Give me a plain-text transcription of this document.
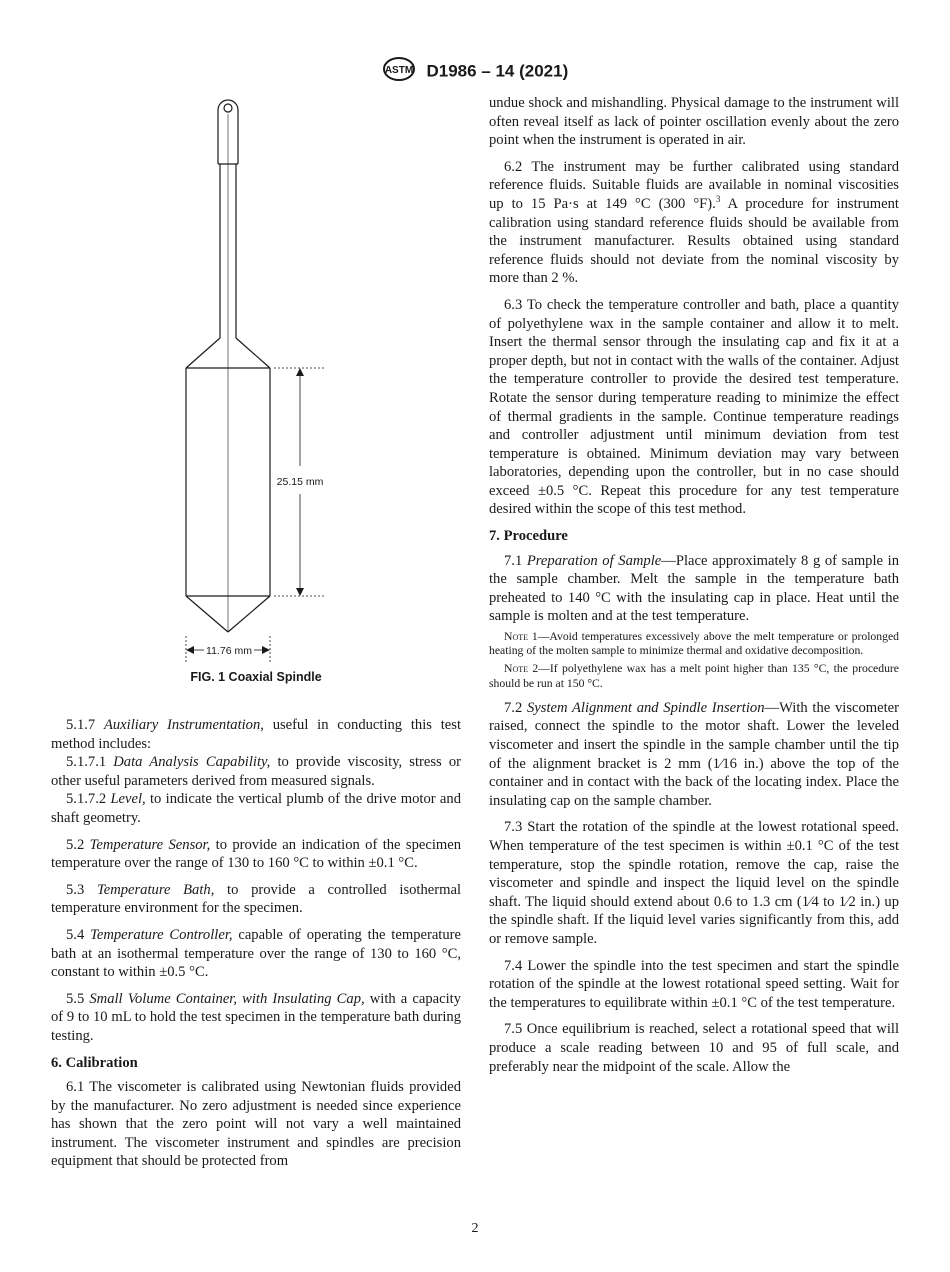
ASTM D1986 – 14 (2021)
25.15 mm
11.76 mm
FIG. 1 Coaxial Spindle

5.1.7 Auxiliary Instrumentation, useful in conducting this test method includes:

5.1.7.1 Data Analysis Capability, to provide viscosity, stress or other useful parameters derived from measured signals.

5.1.7.2 Level, to indicate the vertical plumb of the drive motor and shaft geometry.

5.2 Temperature Sensor, to provide an indication of the specimen temperature over the range of 130 to 160 °C to within ±0.1 °C.

5.3 Temperature Bath, to provide a controlled isothermal temperature environment for the specimen.

5.4 Temperature Controller, capable of operating the temperature bath at an isothermal temperature over the range of 130 to 160 °C, constant to within ±0.5 °C.

5.5 Small Volume Container, with Insulating Cap, with a capacity of 9 to 10 mL to hold the test specimen in the temperature bath during testing.

6. Calibration

6.1 The viscometer is calibrated using Newtonian fluids provided by the manufacturer. No zero adjustment is needed since experience has shown that the zero point will not vary a well maintained instrument. The viscometer instrument and spindles are precision equipment that should be protected from

undue shock and mishandling. Physical damage to the instrument will often reveal itself as lack of pointer oscillation evenly about the zero point when the instrument is operated in air.

6.2 The instrument may be further calibrated using standard reference fluids. Suitable fluids are available in nominal viscosities up to 15 Pa·s at 149 °C (300 °F).$^3$ A procedure for instrument calibration using standard reference fluids should be available from the instrument manufacturer. Results obtained using standard reference fluids should not deviate from the nominal viscosity by more than 2 %.

6.3 To check the temperature controller and bath, place a quantity of polyethylene wax in the sample container and allow it to melt. Insert the thermal sensor through the insulating cap and fix it at a proper depth, but not in contact with the walls of the container. Adjust the temperature controller to provide the desired test temperature. Rotate the sensor during temperature reading to minimize the effect of thermal gradients in the sample. Continue temperature readings and controller adjustment until minimum deviation from test temperature is obtained. Minimum deviation may vary between laboratories, depending upon the controller, but in no case should exceed ±0.5 °C. Repeat this procedure for any test temperature desired within the scope of this test method.

7. Procedure

7.1 Preparation of Sample—Place approximately 8 g of sample in the sample chamber. Melt the sample in the temperature bath preheated to 140 °C with the insulating cap in place. Heat until the sample is molten and at the test temperature.

Note 1—Avoid temperatures excessively above the melt temperature or prolonged heating of the molten sample to minimize thermal and oxidative decomposition.
Note 2—If polyethylene wax has a melt point higher than 135 °C, the procedure should be run at 150 °C.

7.2 System Alignment and Spindle Insertion—With the viscometer raised, connect the spindle to the motor shaft. Lower the leveled viscometer and insert the spindle in the sample chamber until the tip of the alignment bracket is 2 mm (1⁄16 in.) above the top of the container and in contact with the back of the locating index. Place the insulating cap on the sample chamber.

7.3 Start the rotation of the spindle at the lowest rotational speed. When temperature of the test specimen is within ±0.1 °C of the test temperature, stop the spindle rotation, remove the cap, raise the viscometer and spindle and inspect the liquid level on the spindle shaft. The liquid should extend about 0.6 to 1.3 cm (1⁄4 to 1⁄2 in.) up the spindle shaft. If the liquid level varies significantly from this, add or remove sample.

7.4 Lower the spindle into the test specimen and start the spindle rotation of the spindle at the lowest rotational speed setting. Wait for the temperatures to equilibrate within ±0.1 °C of the test temperature.

7.5 Once equilibrium is reached, select a rotational speed that will produce a scale reading between 10 and 95 of full scale, and preferably near the midpoint of the scale. Allow the

2
